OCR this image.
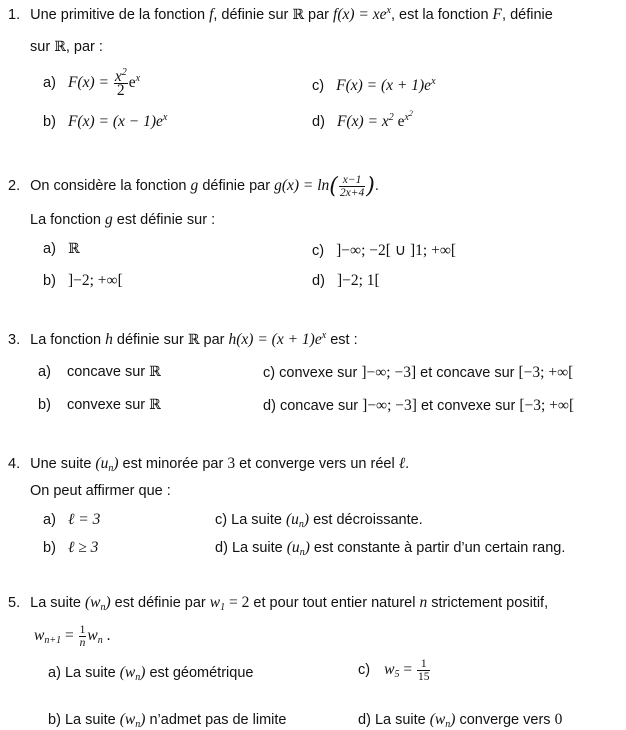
1. Une primitive de la fonction f, définie sur ℝ par $f(x) = xe^x$, est la fonction F, définie
sur ℝ, par :
a) $F(x) = \frac{x^2}{2} e^x$	c) $F(x) = (x + 1)e^x$
b) $F(x) = (x - 1)e^x$	d) $F(x) = x^2$ $e^{x^2}$
2. On considère la fonction g définie par $g(x) = \ln( \frac{x-1}{2x+4}$ ).
La fonction g est définie sur :
a) ℝ	c) ]−∞; −2[ ∪ ]1; +∞[
b) ]−2; +∞[	d) ]−2; 1[
3. La fonction h définie sur ℝ par $h(x) = (x + 1)e^x$ est :
a) concave sur ℝ	c) convexe sur ]−∞; −3] et concave sur [−3; +∞[
b) convexe sur ℝ	d) concave sur ]−∞; −3] et convexe sur [−3; +∞[
4. Une suite $(u_n)$ est minorée par 3 et converge vers un réel ℓ.
On peut affirmer que :
a) ℓ = 3	c) La suite $(u_n)$ est décroissante.
b) ℓ ≥ 3	d) La suite $(u_n)$ est constante à partir d’un certain rang.
5. La suite $(w_n)$ est définie par $w_1 = 2$ et pour tout entier naturel n strictement positif,
$w_{n+1} = \frac{1}{n} w_n$ .
a) La suite $(w_n)$ est géométrique	c) $w_5 = \frac{1}{15}$
b) La suite $(w_n)$ n’admet pas de limite	d) La suite $(w_n)$ converge vers 0
